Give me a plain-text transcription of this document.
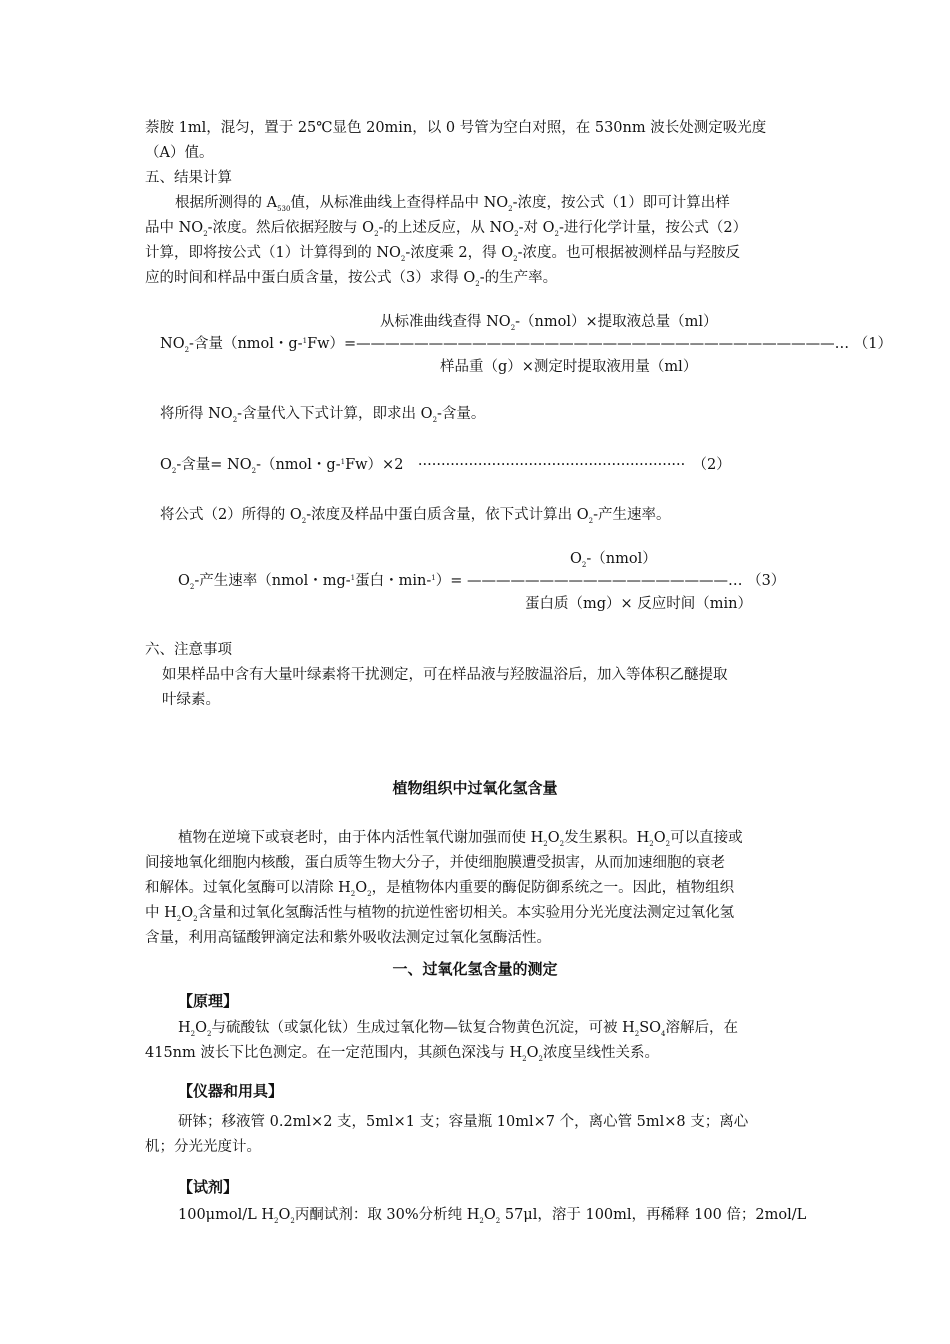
萘胺 1ml，混匀，置于 25℃显色 20min，以 0 号管为空白对照，在 530nm 波长处测定吸光度
（A）值。
五、结果计算
根据所测得的 $A_{530}$值，从标准曲线上查得样品中 $NO_2-$浓度，按公式（1）即可计算出样
品中 $NO_2-$浓度。然后依据羟胺与 $O_2-$的上述反应，从 $NO_2-$对 $O_2-$进行化学计量，按公式（2）
计算，即将按公式（1）计算得到的 $NO_2-$浓度乘 2，得 $O_2-$浓度。也可根据被测样品与羟胺反
应的时间和样品中蛋白质含量，按公式（3）求得 $O_2-$的生产率。
从标准曲线查得 $NO_2-(nmol)\times$提取液总量（ml）
$NO_2-$含量（nmol・g-$^1$Fw）=—————————————————————————————————… （1）
样品重（g）×测定时提取液用量（ml）
将所得 $NO_2-$含量代入下式计算，即求出 $O_2-$含量。
$O_2-$含量= $NO_2-(nmol$・g-$^1$Fw）×2　··························································　（2）
将公式（2）所得的 $O_2-$浓度及样品中蛋白质含量，依下式计算出 $O_2-$产生速率。
$O_2-(nmol)$
$O_2-$产生速率（nmol・mg-$^1$蛋白・min-$^1$）= ——————————————————… （3）
蛋白质（mg）× 反应时间（min）
六、注意事项
如果样品中含有大量叶绿素将干扰测定，可在样品液与羟胺温浴后，加入等体积乙醚提取
叶绿素。
植物组织中过氧化氢含量
植物在逆境下或衰老时，由于体内活性氧代谢加强而使 $H_2O_2$发生累积。$H_2O_2$可以直接或
间接地氧化细胞内核酸，蛋白质等生物大分子，并使细胞膜遭受损害，从而加速细胞的衰老
和解体。过氧化氢酶可以清除 $H_2O_2$，是植物体内重要的酶促防御系统之一。因此，植物组织
中 $H_2O_2$含量和过氧化氢酶活性与植物的抗逆性密切相关。本实验用分光光度法测定过氧化氢
含量，利用高锰酸钾滴定法和紫外吸收法测定过氧化氢酶活性。
一、过氧化氢含量的测定
【原理】
$H_2O_2$与硫酸钛（或氯化钛）生成过氧化物—钛复合物黄色沉淀，可被 $H_2SO_4$溶解后，在
415nm 波长下比色测定。在一定范围内，其颜色深浅与 $H_2O_2$浓度呈线性关系。
【仪器和用具】
研钵；移液管 0.2ml×2 支，5ml×1 支；容量瓶 10ml×7 个，离心管 5ml×8 支；离心
机；分光光度计。
【试剂】
100μmol/L $H_2O_2$丙酮试剂：取 30%分析纯 $H_2O_2$ 57μl，溶于 100ml，再稀释 100 倍；2mol/L
